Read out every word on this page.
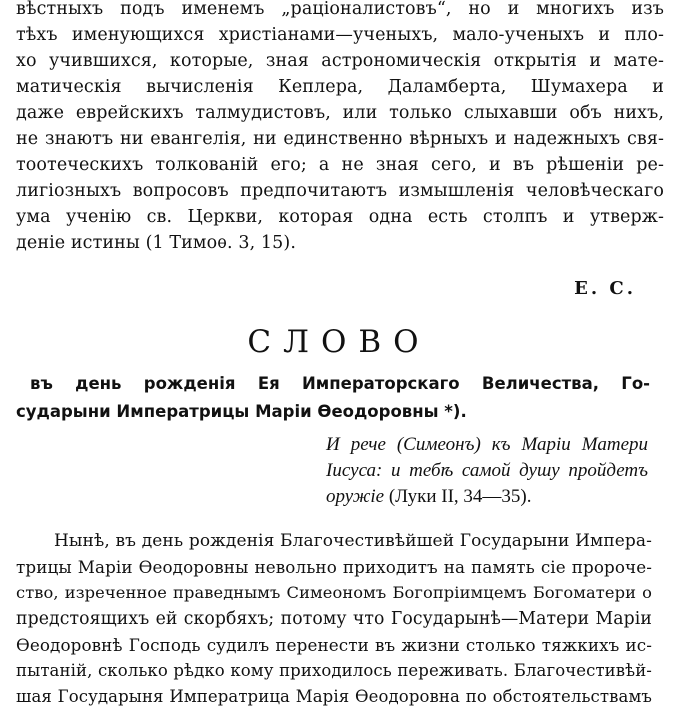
вѣстныхъ подъ именемъ „раціоналистовъ“, но и многихъ изъ
тѣхъ именующихся христіанами—ученыхъ, мало-ученыхъ и пло-
хо учившихся, которые, зная астрономическія открытія и мате-
матическія вычисленія Кеплера, Даламберта, Шумахера и
даже еврейскихъ талмудистовъ, или только слыхавши объ нихъ,
не знаютъ ни евангелія, ни единственно вѣрныхъ и надежныхъ свя-
тоотеческихъ толкованій его; а не зная сего, и въ рѣшеніи ре-
лигіозныхъ вопросовъ предпочитаютъ измышленія человѣческаго
ума ученію св. Церкви, которая одна есть столпъ и утверж-
деніе истины (1 Тимоѳ. 3, 15).
Е. С.
СЛОВО
въ день рожденія Ея Императорскаго Величества, Го-
сударыни Императрицы Маріи Ѳеодоровны *).
И рече (Симеонъ) къ Маріи Матери
Іисуса: и тебѣ самой душу пройдетъ
оружіе (Луки II, 34—35).
Нынѣ, въ день рожденія Благочестивѣйшей Государыни Импера-
трицы Маріи Ѳеодоровны невольно приходитъ на память сіе пророче-
ство, изреченное праведнымъ Симеономъ Богопріимцемъ Богоматери о
предстоящихъ ей скорбяхъ; потому что Государынѣ—Матери Маріи
Ѳеодоровнѣ Господь судилъ перенести въ жизни столько тяжкихъ ис-
пытаній, сколько рѣдко кому приходилось переживать. Благочестивѣй-
шая Государыня Императрица Марія Ѳеодоровна по обстоятельствамъ
